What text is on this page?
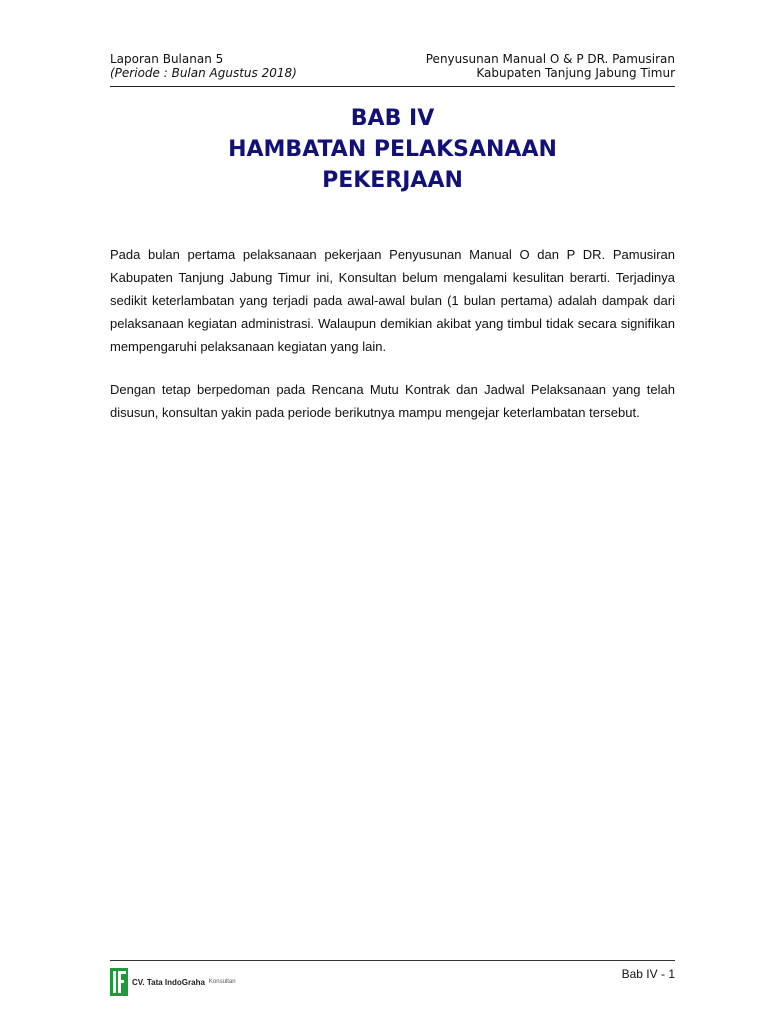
Laporan Bulanan 5
(Periode : Bulan Agustus 2018)
Penyusunan Manual O & P DR. Pamusiran
Kabupaten Tanjung Jabung Timur
BAB IV
HAMBATAN PELAKSANAAN
PEKERJAAN

Pada bulan pertama pelaksanaan pekerjaan Penyusunan Manual O dan P DR. Pamusiran Kabupaten Tanjung Jabung Timur ini, Konsultan belum mengalami kesulitan berarti. Terjadinya sedikit keterlambatan yang terjadi pada awal-awal bulan (1 bulan pertama) adalah dampak dari pelaksanaan kegiatan administrasi. Walaupun demikian akibat yang timbul tidak secara signifikan mempengaruhi pelaksanaan kegiatan yang lain.

Dengan tetap berpedoman pada Rencana Mutu Kontrak dan Jadwal Pelaksanaan yang telah disusun, konsultan yakin pada periode berikutnya mampu mengejar keterlambatan tersebut.

CV. Tata IndoGraha Konsultan
Bab IV - 1
